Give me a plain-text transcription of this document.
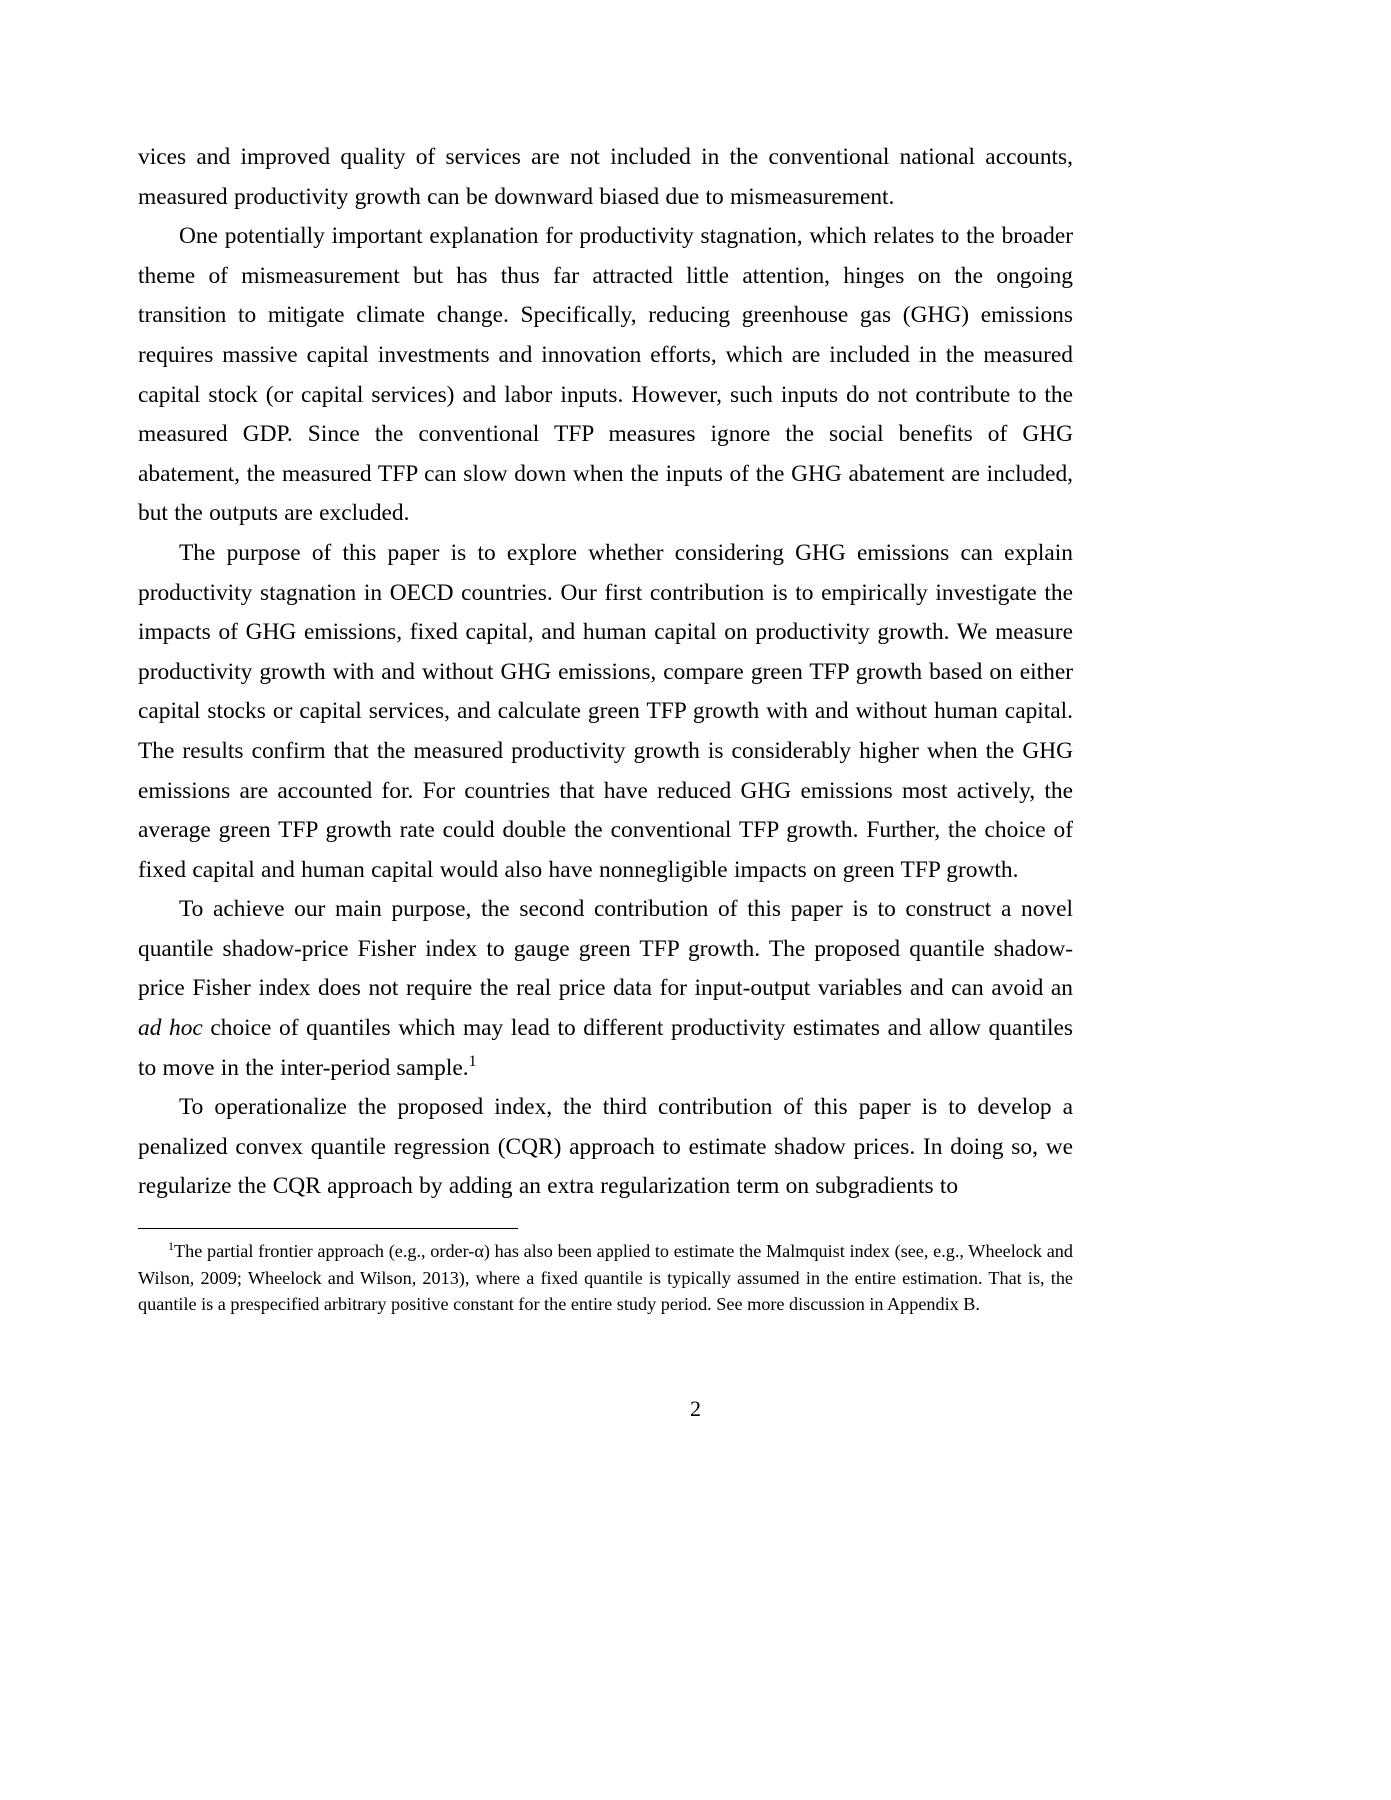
vices and improved quality of services are not included in the conventional national accounts, measured productivity growth can be downward biased due to mismeasurement.

One potentially important explanation for productivity stagnation, which relates to the broader theme of mismeasurement but has thus far attracted little attention, hinges on the ongoing transition to mitigate climate change. Specifically, reducing greenhouse gas (GHG) emissions requires massive capital investments and innovation efforts, which are included in the measured capital stock (or capital services) and labor inputs. However, such inputs do not contribute to the measured GDP. Since the conventional TFP measures ignore the social benefits of GHG abatement, the measured TFP can slow down when the inputs of the GHG abatement are included, but the outputs are excluded.

The purpose of this paper is to explore whether considering GHG emissions can explain productivity stagnation in OECD countries. Our first contribution is to empirically investigate the impacts of GHG emissions, fixed capital, and human capital on productivity growth. We measure productivity growth with and without GHG emissions, compare green TFP growth based on either capital stocks or capital services, and calculate green TFP growth with and without human capital. The results confirm that the measured productivity growth is considerably higher when the GHG emissions are accounted for. For countries that have reduced GHG emissions most actively, the average green TFP growth rate could double the conventional TFP growth. Further, the choice of fixed capital and human capital would also have nonnegligible impacts on green TFP growth.

To achieve our main purpose, the second contribution of this paper is to construct a novel quantile shadow-price Fisher index to gauge green TFP growth. The proposed quantile shadow-price Fisher index does not require the real price data for input-output variables and can avoid an ad hoc choice of quantiles which may lead to different productivity estimates and allow quantiles to move in the inter-period sample.$^1$

To operationalize the proposed index, the third contribution of this paper is to develop a penalized convex quantile regression (CQR) approach to estimate shadow prices. In doing so, we regularize the CQR approach by adding an extra regularization term on subgradients to

$^1$The partial frontier approach (e.g., order-α) has also been applied to estimate the Malmquist index (see, e.g., Wheelock and Wilson, 2009; Wheelock and Wilson, 2013), where a fixed quantile is typically assumed in the entire estimation. That is, the quantile is a prespecified arbitrary positive constant for the entire study period. See more discussion in Appendix B.

2
